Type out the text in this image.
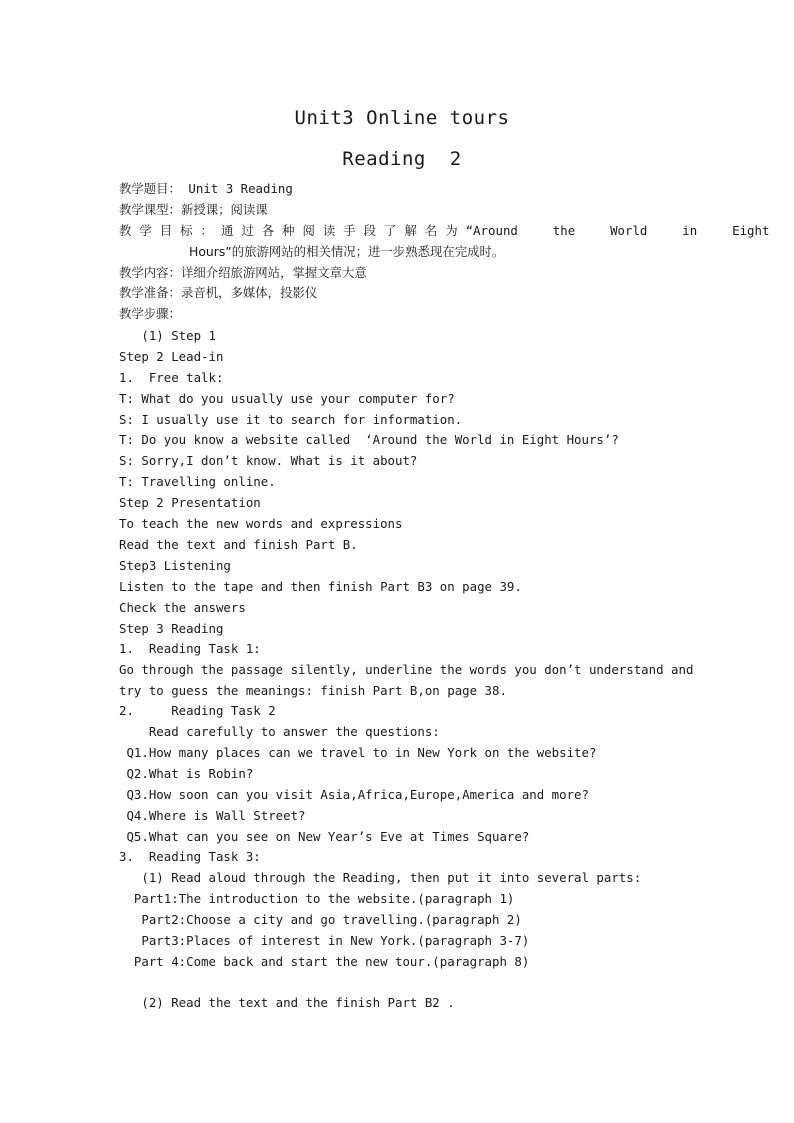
Unit3 Online tours
Reading  2
教学题目： Unit 3 Reading
教学课型：新授课；阅读课
教学目标：通过各种阅读手段了解名为“Around  the  World  in  Eight
Hours”的旅游网站的相关情况；进一步熟悉现在完成时。
教学内容：详细介绍旅游网站，掌握文章大意
教学准备：录音机，多媒体，投影仪
教学步骤：
(1) Step 1
Step 2 Lead-in
1.  Free talk:
T: What do you usually use your computer for?
S: I usually use it to search for information.
T: Do you know a website called  ‘Around the World in Eight Hours’?
S: Sorry,I don’t know. What is it about?
T: Travelling online.
Step 2 Presentation
To teach the new words and expressions
Read the text and finish Part B.
Step3 Listening
Listen to the tape and then finish Part B3 on page 39.
Check the answers
Step 3 Reading
1.  Reading Task 1:
Go through the passage silently, underline the words you don’t understand and
try to guess the meanings: finish Part B,on page 38.
2.     Reading Task 2
Read carefully to answer the questions:
Q1.How many places can we travel to in New York on the website?
Q2.What is Robin?
Q3.How soon can you visit Asia,Africa,Europe,America and more?
Q4.Where is Wall Street?
Q5.What can you see on New Year’s Eve at Times Square?
3.  Reading Task 3:
(1) Read aloud through the Reading, then put it into several parts:
Part1:The introduction to the website.(paragraph 1)
Part2:Choose a city and go travelling.(paragraph 2)
Part3:Places of interest in New York.(paragraph 3-7)
Part 4:Come back and start the new tour.(paragraph 8)
(2) Read the text and the finish Part B2 .
